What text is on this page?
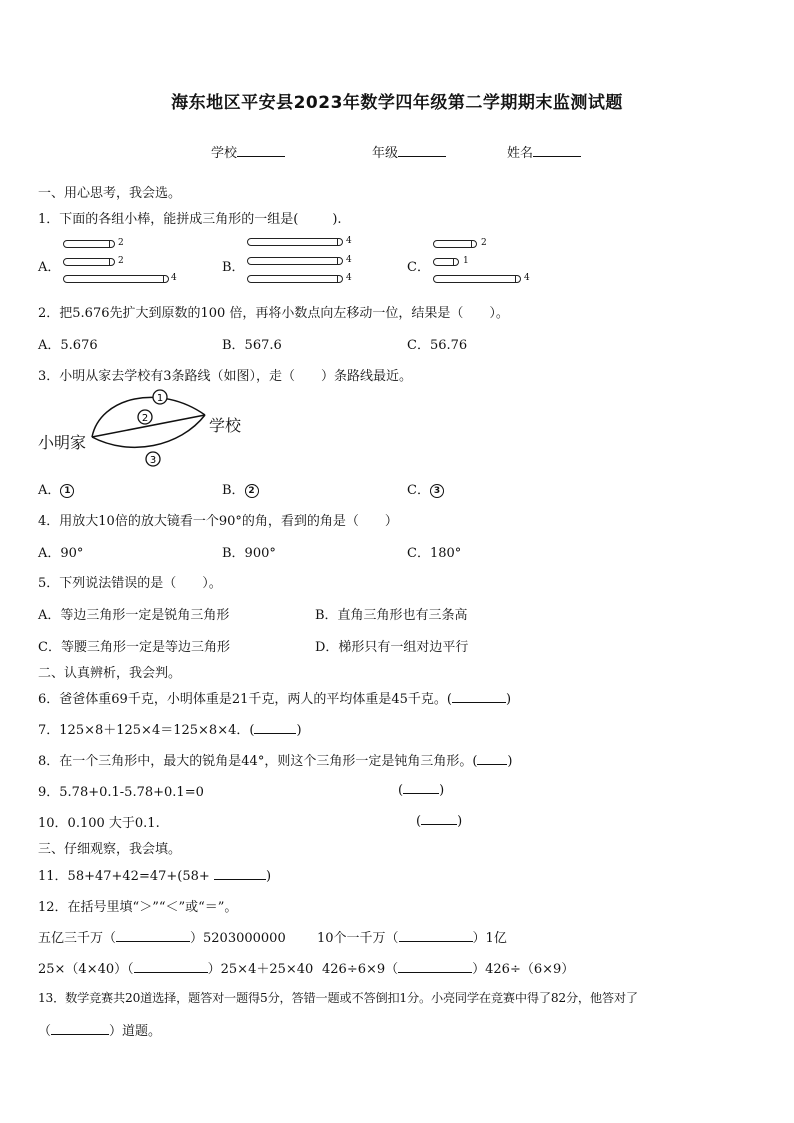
海东地区平安县2023年数学四年级第二学期期末监测试题
学校	年级	姓名
一、用心思考，我会选。
1．下面的各组小棒，能拼成三角形的一组是(	).
A．	B．	C．
2
2
4
4
4
4
2
1
4
2．把5.676先扩大到原数的100 倍，再将小数点向左移动一位，结果是（　　）。
A．5.676	B．567.6	C．56.76
3．小明从家去学校有3条路线（如图），走（　　）条路线最近。
小明家
学校
1
2
3
A． 1	B． 2	C． 3
4．用放大10倍的放大镜看一个90°的角，看到的角是（　　）
A．90°	B．900°	C．180°
5．下列说法错误的是（　　）。
A．等边三角形一定是锐角三角形	B．直角三角形也有三条高
C．等腰三角形一定是等边三角形	D．梯形只有一组对边平行
二、认真辨析，我会判。
6．爸爸体重69千克，小明体重是21千克，两人的平均体重是45千克。(	)
7．125×8＋125×4＝125×8×4．(	)
8．在一个三角形中，最大的锐角是44°，则这个三角形一定是钝角三角形。( )
9．5.78+0.1-5.78+0.1=0	(	)
10．0.100 大于0.1.	(	)
三、仔细观察，我会填。
11．58+47+42=47+(58+	)
12．在括号里填“＞”“＜”或“＝”。
五亿三千万（	）5203000000 10个一千万（	）1亿
25×（4×40）（	）25×4＋25×40 426÷6×9（	）426÷（6×9）
13．数学竞赛共20道选择，题答对一题得5分，答错一题或不答倒扣1分。小亮同学在竞赛中得了82分，他答对了
（	）道题。
